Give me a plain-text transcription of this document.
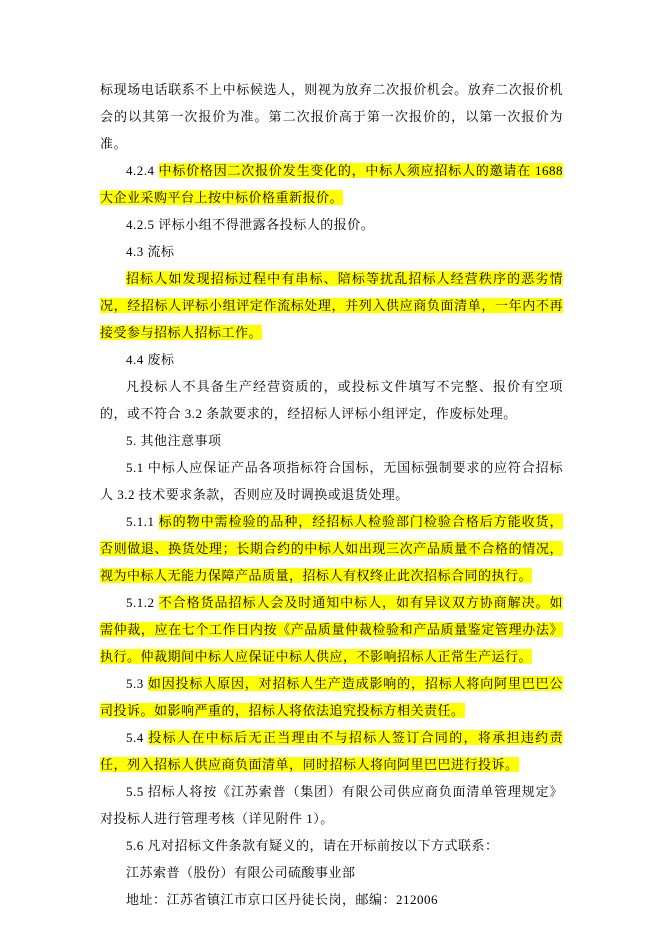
标现场电话联系不上中标候选人，则视为放弃二次报价机会。放弃二次报价机会的以其第一次报价为准。第二次报价高于第一次报价的，以第一次报价为准。

4.2.4 中标价格因二次报价发生变化的，中标人须应招标人的邀请在 1688 大企业采购平台上按中标价格重新报价。

4.2.5 评标小组不得泄露各投标人的报价。

4.3 流标

招标人如发现招标过程中有串标、陪标等扰乱招标人经营秩序的恶劣情况，经招标人评标小组评定作流标处理，并列入供应商负面清单，一年内不再接受参与招标人招标工作。

4.4 废标

凡投标人不具备生产经营资质的，或投标文件填写不完整、报价有空项的，或不符合 3.2 条款要求的，经招标人评标小组评定，作废标处理。

5. 其他注意事项

5.1 中标人应保证产品各项指标符合国标，无国标强制要求的应符合招标人 3.2 技术要求条款，否则应及时调换或退货处理。

5.1.1 标的物中需检验的品种，经招标人检验部门检验合格后方能收货，否则做退、换货处理；长期合约的中标人如出现三次产品质量不合格的情况，视为中标人无能力保障产品质量，招标人有权终止此次招标合同的执行。

5.1.2 不合格货品招标人会及时通知中标人，如有异议双方协商解决。如需仲裁，应在七个工作日内按《产品质量仲裁检验和产品质量鉴定管理办法》执行。仲裁期间中标人应保证中标人供应，不影响招标人正常生产运行。

5.3 如因投标人原因，对招标人生产造成影响的，招标人将向阿里巴巴公司投诉。如影响严重的，招标人将依法追究投标方相关责任。

5.4 投标人在中标后无正当理由不与招标人签订合同的，将承担违约责任，列入招标人供应商负面清单，同时招标人将向阿里巴巴进行投诉。

5.5 招标人将按《江苏索普（集团）有限公司供应商负面清单管理规定》对投标人进行管理考核（详见附件 1）。

5.6 凡对招标文件条款有疑义的，请在开标前按以下方式联系：

江苏索普（股份）有限公司硫酸事业部

地址：江苏省镇江市京口区丹徒长岗，邮编：212006
